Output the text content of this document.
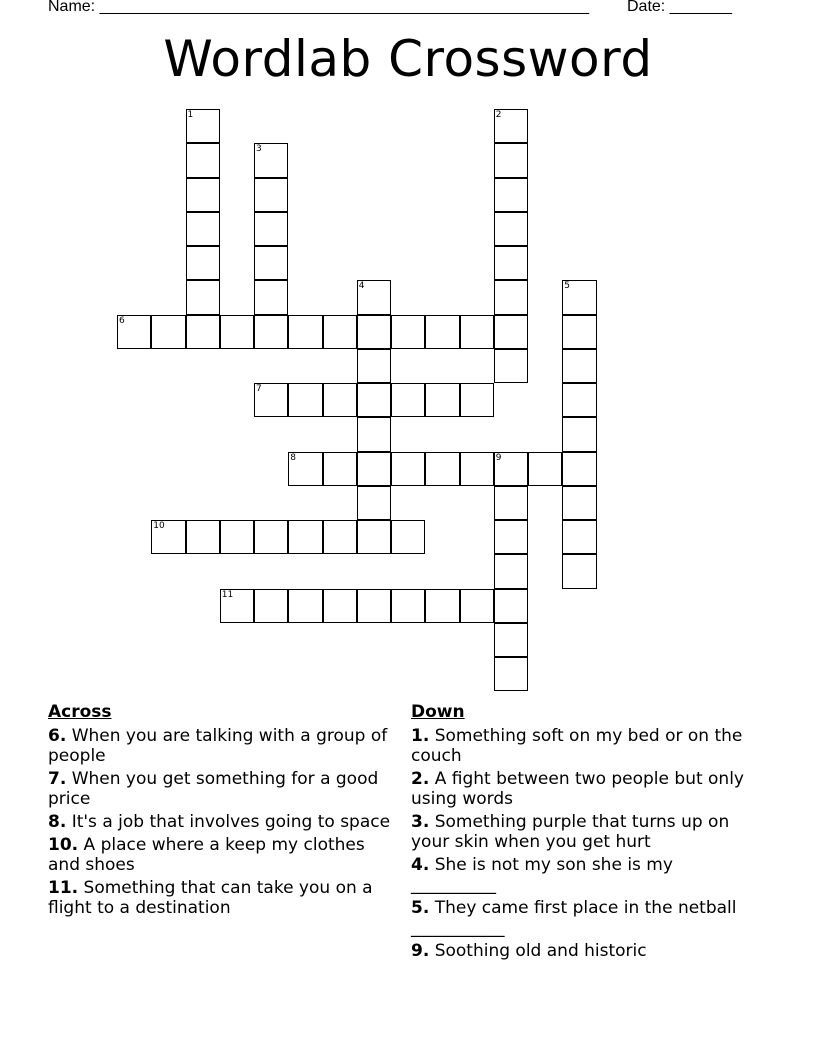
Name: _______________________________________________________ Date: _______
Wordlab Crossword
1	2
3
4	5
6
7
8	9
10
11
Across
6. When you are talking with a group of people
7. When you get something for a good price
8. It's a job that involves going to space
10. A place where a keep my clothes and shoes
11. Something that can take you on a flight to a destination
Down
1. Something soft on my bed or on the couch
2. A fight between two people but only using words
3. Something purple that turns up on your skin when you get hurt
4. She is not my son she is my __________
5. They came first place in the netball ___________
9. Soothing old and historic
